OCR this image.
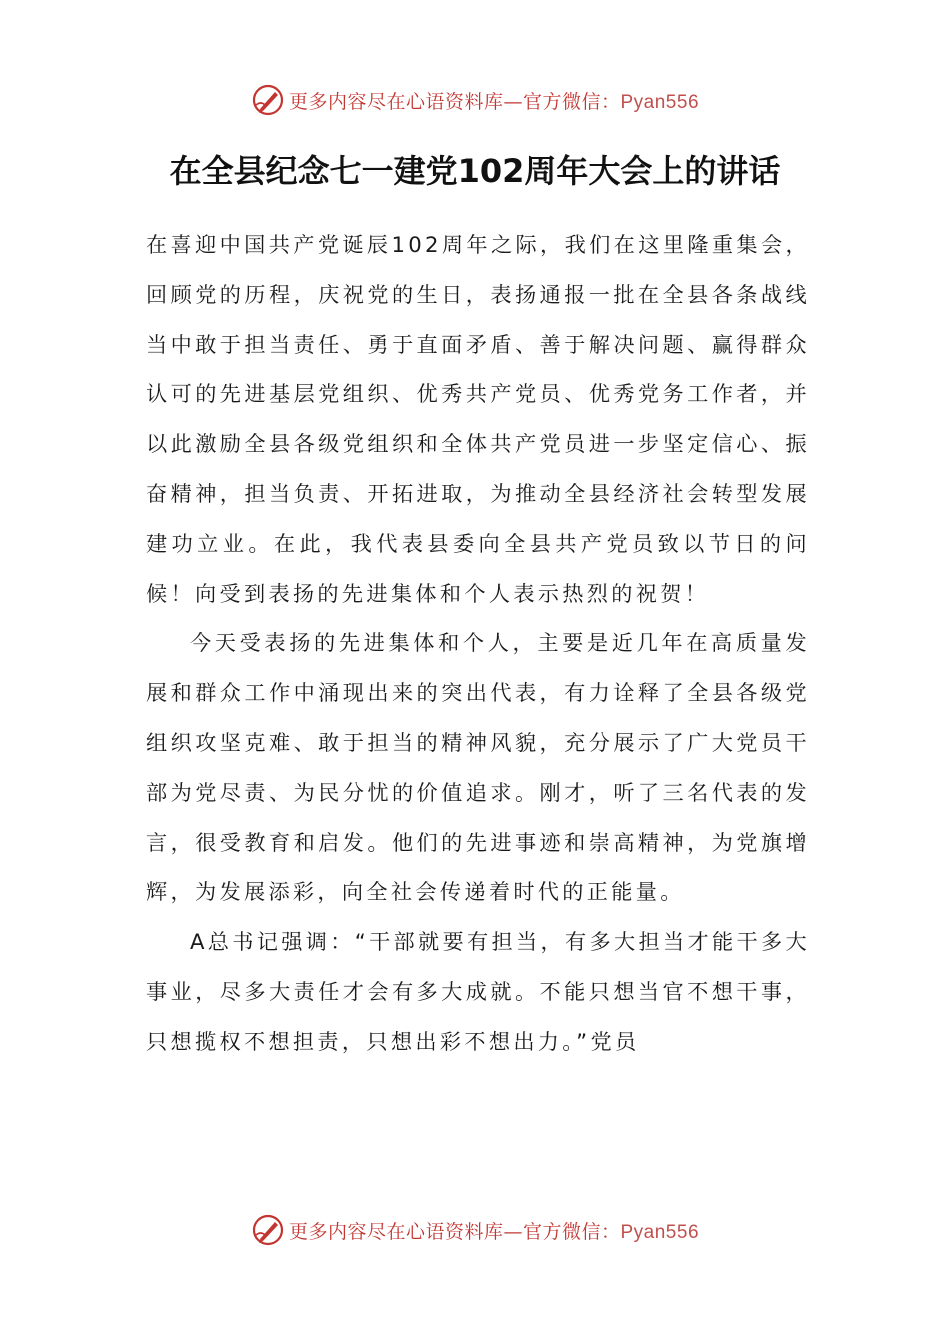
更多内容尽在心语资料库—官方微信：Pyan556
在全县纪念七一建党102周年大会上的讲话

在喜迎中国共产党诞辰102周年之际，我们在这里隆重集会，回顾党的历程，庆祝党的生日，表扬通报一批在全县各条战线当中敢于担当责任、勇于直面矛盾、善于解决问题、赢得群众认可的先进基层党组织、优秀共产党员、优秀党务工作者，并以此激励全县各级党组织和全体共产党员进一步坚定信心、振奋精神，担当负责、开拓进取，为推动全县经济社会转型发展建功立业。在此，我代表县委向全县共产党员致以节日的问候！向受到表扬的先进集体和个人表示热烈的祝贺！

今天受表扬的先进集体和个人，主要是近几年在高质量发展和群众工作中涌现出来的突出代表，有力诠释了全县各级党组织攻坚克难、敢于担当的精神风貌，充分展示了广大党员干部为党尽责、为民分忧的价值追求。刚才，听了三名代表的发言，很受教育和启发。他们的先进事迹和崇高精神，为党旗增辉，为发展添彩，向全社会传递着时代的正能量。

A总书记强调：“干部就要有担当，有多大担当才能干多大事业，尽多大责任才会有多大成就。不能只想当官不想干事，只想揽权不想担责，只想出彩不想出力。”党员

更多内容尽在心语资料库—官方微信：Pyan556
